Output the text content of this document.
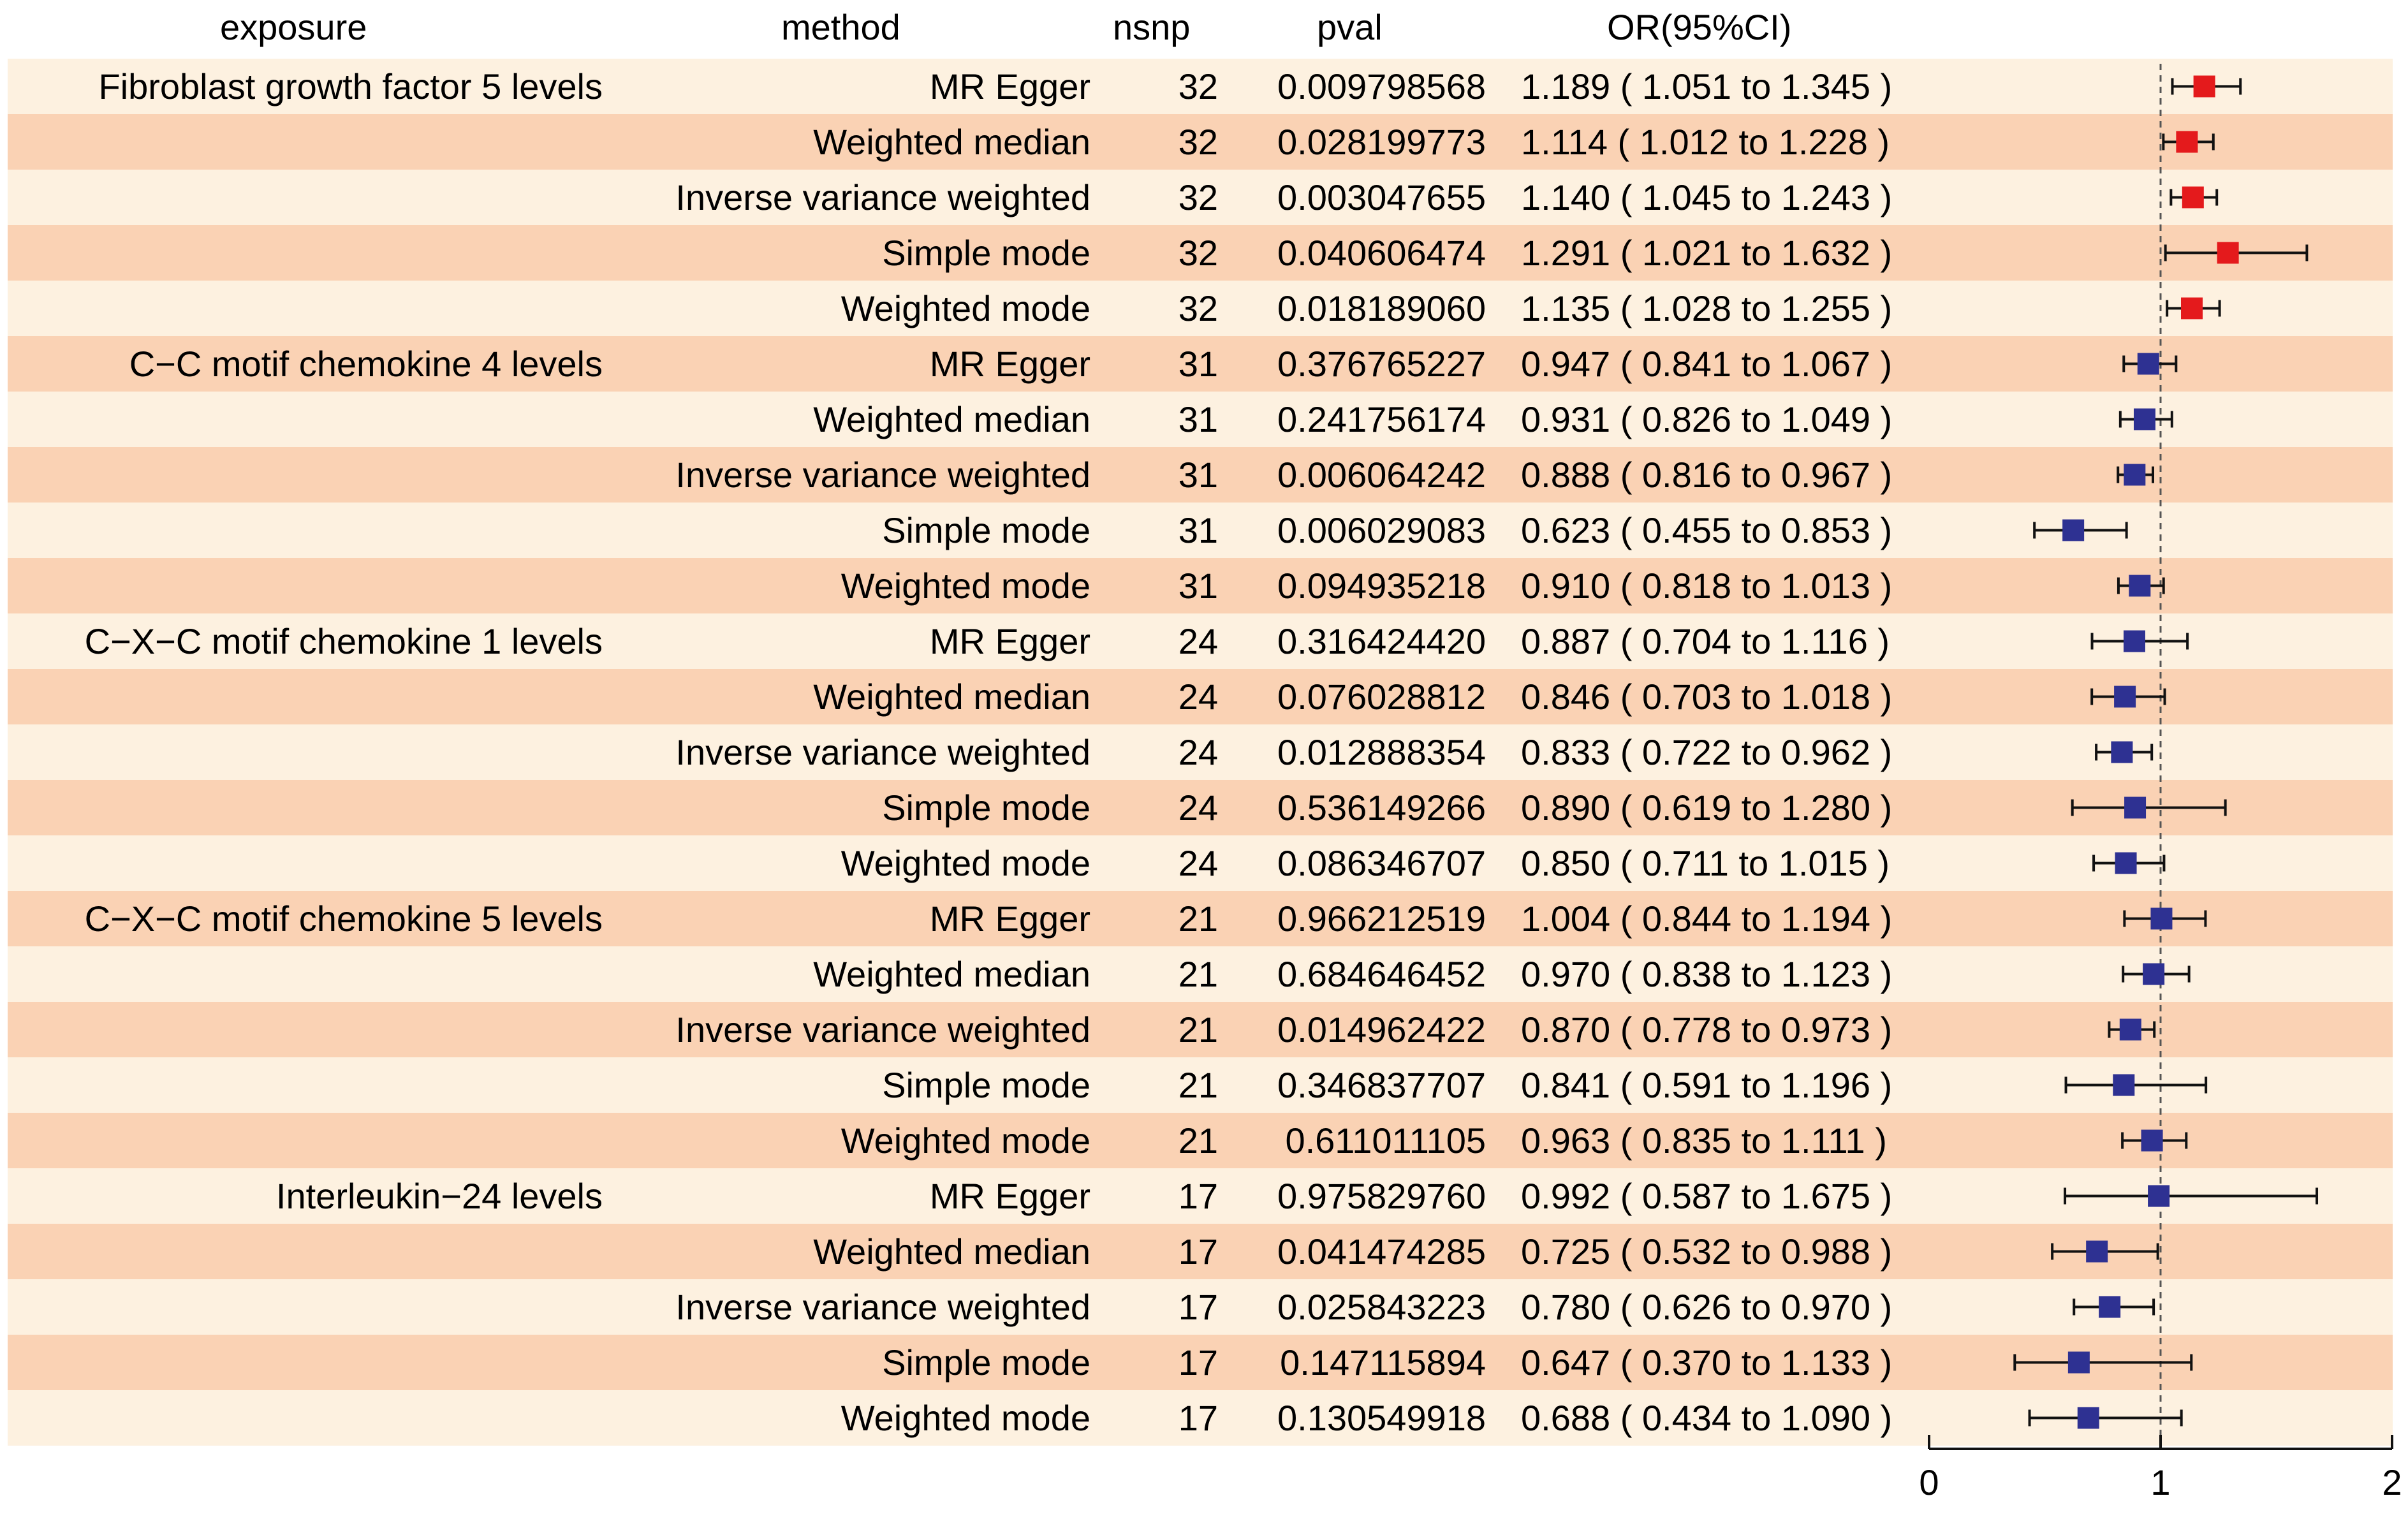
exposure	method	nsnp	pval	OR(95%CI)
Fibroblast growth factor 5 levels	MR Egger	32	0.009798568 1.189 ( 1.051 to 1.345 )
Weighted median	32	0.028199773 1.114 ( 1.012 to 1.228 )
Inverse variance weighted	32	0.003047655 1.140 ( 1.045 to 1.243 )
Simple mode	32	0.040606474 1.291 ( 1.021 to 1.632 )
Weighted mode	32	0.018189060 1.135 ( 1.028 to 1.255 )
C−C motif chemokine 4 levels	MR Egger	31	0.376765227 0.947 ( 0.841 to 1.067 )
Weighted median	31	0.241756174 0.931 ( 0.826 to 1.049 )
Inverse variance weighted	31	0.006064242 0.888 ( 0.816 to 0.967 )
Simple mode	31	0.006029083 0.623 ( 0.455 to 0.853 )
Weighted mode	31	0.094935218 0.910 ( 0.818 to 1.013 )
C−X−C motif chemokine 1 levels	MR Egger	24	0.316424420 0.887 ( 0.704 to 1.116 )
Weighted median	24	0.076028812 0.846 ( 0.703 to 1.018 )
Inverse variance weighted	24	0.012888354 0.833 ( 0.722 to 0.962 )
Simple mode	24	0.536149266 0.890 ( 0.619 to 1.280 )
Weighted mode	24	0.086346707 0.850 ( 0.711 to 1.015 )
C−X−C motif chemokine 5 levels	MR Egger	21	0.966212519 1.004 ( 0.844 to 1.194 )
Weighted median	21	0.684646452 0.970 ( 0.838 to 1.123 )
Inverse variance weighted	21	0.014962422 0.870 ( 0.778 to 0.973 )
Simple mode	21	0.346837707 0.841 ( 0.591 to 1.196 )
Weighted mode	21	0.611011105 0.963 ( 0.835 to 1.111 )
Interleukin−24 levels	MR Egger	17	0.975829760 0.992 ( 0.587 to 1.675 )
Weighted median	17	0.041474285 0.725 ( 0.532 to 0.988 )
Inverse variance weighted	17	0.025843223 0.780 ( 0.626 to 0.970 )
Simple mode	17	0.147115894 0.647 ( 0.370 to 1.133 )
Weighted mode	17	0.130549918 0.688 ( 0.434 to 1.090 )
0	1	2
